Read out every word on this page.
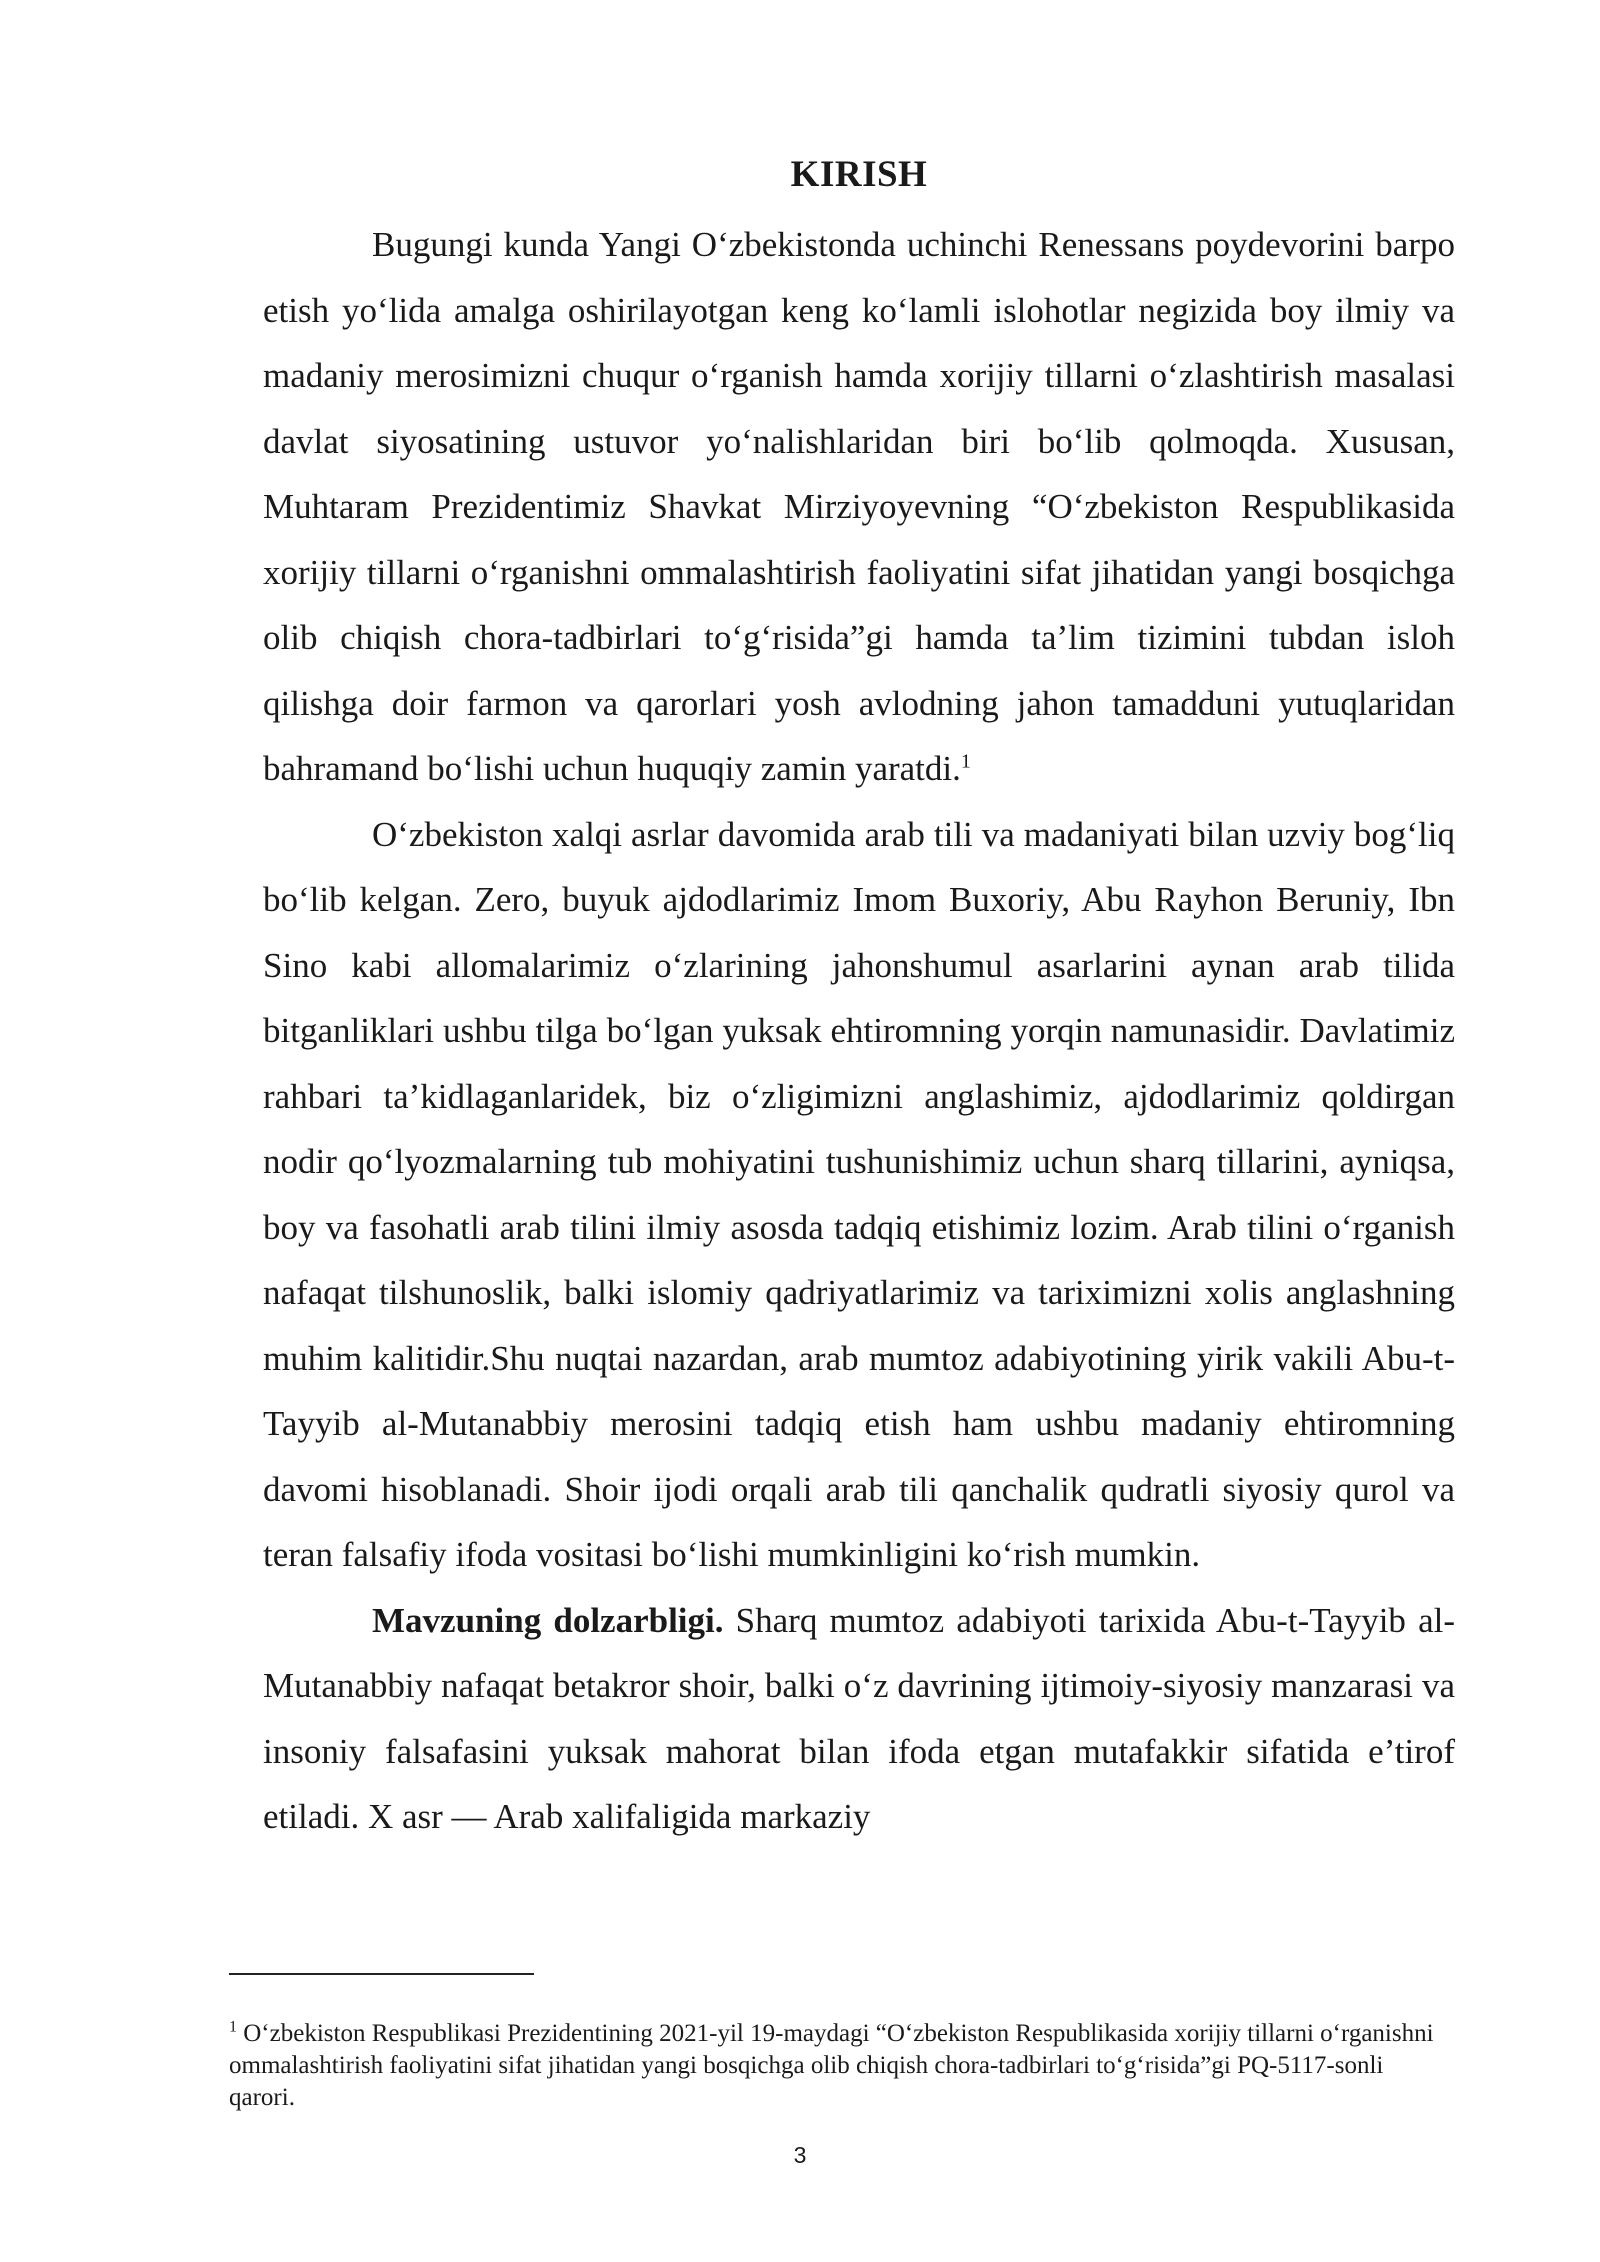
KIRISH

Bugungi kunda Yangi O‘zbekistonda uchinchi Renessans poydevorini barpo etish yo‘lida amalga oshirilayotgan keng ko‘lamli islohotlar negizida boy ilmiy va madaniy merosimizni chuqur o‘rganish hamda xorijiy tillarni o‘zlashtirish masalasi davlat siyosatining ustuvor yo‘nalishlaridan biri bo‘lib qolmoqda. Xususan, Muhtaram Prezidentimiz Shavkat Mirziyoyevning “O‘zbekiston Respublikasida xorijiy tillarni o‘rganishni ommalashtirish faoliyatini sifat jihatidan yangi bosqichga olib chiqish chora-tadbirlari to‘g‘risida”gi hamda ta’lim tizimini tubdan isloh qilishga doir farmon va qarorlari yosh avlodning jahon tamadduni yutuqlaridan bahramand bo‘lishi uchun huquqiy zamin yaratdi.$^1$

O‘zbekiston xalqi asrlar davomida arab tili va madaniyati bilan uzviy bog‘liq bo‘lib kelgan. Zero, buyuk ajdodlarimiz Imom Buxoriy, Abu Rayhon Beruniy, Ibn Sino kabi allomalarimiz o‘zlarining jahonshumul asarlarini aynan arab tilida bitganliklari ushbu tilga bo‘lgan yuksak ehtiromning yorqin namunasidir. Davlatimiz rahbari ta’kidlaganlaridek, biz o‘zligimizni anglashimiz, ajdodlarimiz qoldirgan nodir qo‘lyozmalarning tub mohiyatini tushunishimiz uchun sharq tillarini, ayniqsa, boy va fasohatli arab tilini ilmiy asosda tadqiq etishimiz lozim. Arab tilini o‘rganish nafaqat tilshunoslik, balki islomiy qadriyatlarimiz va tariximizni xolis anglashning muhim kalitidir.Shu nuqtai nazardan, arab mumtoz adabiyotining yirik vakili Abu-t-Tayyib al-Mutanabbiy merosini tadqiq etish ham ushbu madaniy ehtiromning davomi hisoblanadi. Shoir ijodi orqali arab tili qanchalik qudratli siyosiy qurol va teran falsafiy ifoda vositasi bo‘lishi mumkinligini ko‘rish mumkin.

Mavzuning dolzarbligi. Sharq mumtoz adabiyoti tarixida Abu-t-Tayyib al-Mutanabbiy nafaqat betakror shoir, balki o‘z davrining ijtimoiy-siyosiy manzarasi va insoniy falsafasini yuksak mahorat bilan ifoda etgan mutafakkir sifatida e’tirof etiladi. X asr — Arab xalifaligida markaziy

$^1$ O‘zbekiston Respublikasi Prezidentining 2021-yil 19-maydagi “O‘zbekiston Respublikasida xorijiy tillarni o‘rganishni ommalashtirish faoliyatini sifat jihatidan yangi bosqichga olib chiqish chora-tadbirlari to‘g‘risida”gi PQ-5117-sonli qarori.
3
